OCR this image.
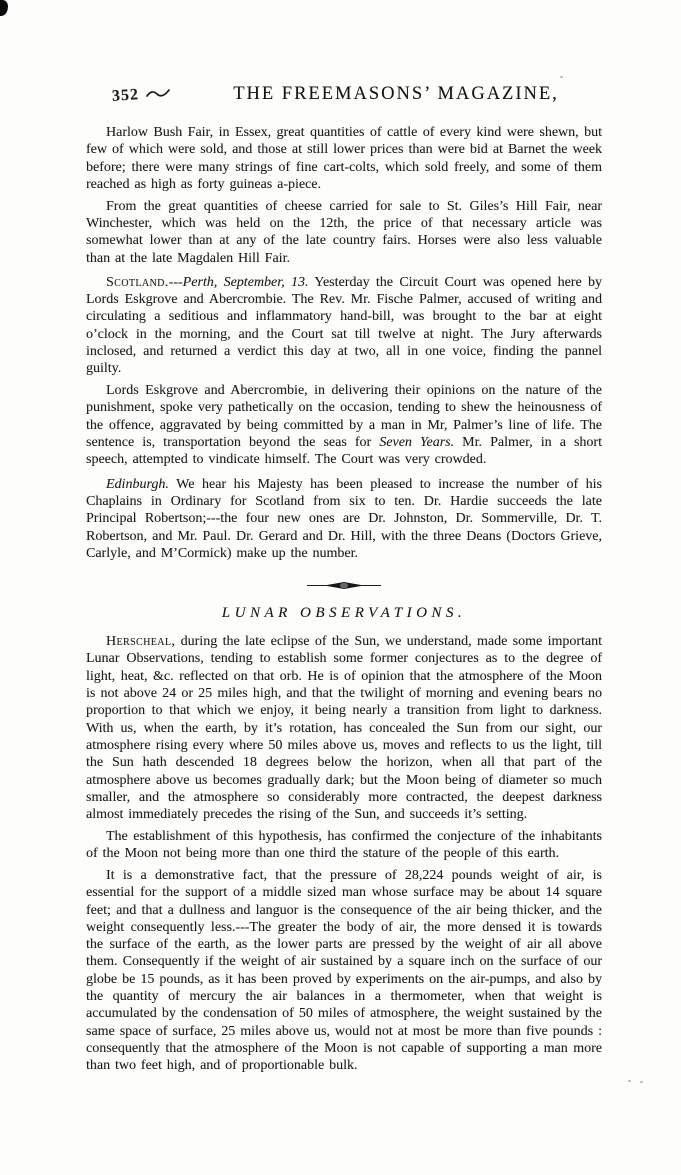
352	THE FREEMASONS’ MAGAZINE,

Harlow Bush Fair, in Essex, great quantities of cattle of every kind were shewn, but few of which were sold, and those at still lower prices than were bid at Barnet the week before; there were many strings of fine cart-colts, which sold freely, and some of them reached as high as forty guineas a-piece.

From the great quantities of cheese carried for sale to St. Giles’s Hill Fair, near Winchester, which was held on the 12th, the price of that necessary article was somewhat lower than at any of the late country fairs. Horses were also less valuable than at the late Magdalen Hill Fair.

Scotland.---Perth, September, 13. Yesterday the Circuit Court was opened here by Lords Eskgrove and Abercrombie. The Rev. Mr. Fische Palmer, accused of writing and circulating a seditious and inflammatory hand-bill, was brought to the bar at eight o’clock in the morning, and the Court sat till twelve at night. The Jury afterwards inclosed, and returned a verdict this day at two, all in one voice, finding the pannel guilty.

Lords Eskgrove and Abercrombie, in delivering their opinions on the nature of the punishment, spoke very pathetically on the occasion, tending to shew the heinousness of the offence, aggravated by being committed by a man in Mr, Palmer’s line of life. The sentence is, transportation beyond the seas for Seven Years. Mr. Palmer, in a short speech, attempted to vindicate himself. The Court was very crowded.

Edinburgh. We hear his Majesty has been pleased to increase the number of his Chaplains in Ordinary for Scotland from six to ten. Dr. Hardie succeeds the late Principal Robertson;---the four new ones are Dr. Johnston, Dr. Sommerville, Dr. T. Robertson, and Mr. Paul. Dr. Gerard and Dr. Hill, with the three Deans (Doctors Grieve, Carlyle, and M’Cormick) make up the number.

LUNAR OBSERVATIONS.

Herscheal, during the late eclipse of the Sun, we understand, made some important Lunar Observations, tending to establish some former conjectures as to the degree of light, heat, &c. reflected on that orb. He is of opinion that the atmosphere of the Moon is not above 24 or 25 miles high, and that the twilight of morning and evening bears no proportion to that which we enjoy, it being nearly a transition from light to darkness. With us, when the earth, by it’s rotation, has concealed the Sun from our sight, our atmosphere rising every where 50 miles above us, moves and reflects to us the light, till the Sun hath descended 18 degrees below the horizon, when all that part of the atmosphere above us becomes gradually dark; but the Moon being of diameter so much smaller, and the atmosphere so considerably more contracted, the deepest darkness almost immediately precedes the rising of the Sun, and succeeds it’s setting.

The establishment of this hypothesis, has confirmed the conjecture of the inhabitants of the Moon not being more than one third the stature of the people of this earth.

It is a demonstrative fact, that the pressure of 28,224 pounds weight of air, is essential for the support of a middle sized man whose surface may be about 14 square feet; and that a dullness and languor is the consequence of the air being thicker, and the weight consequently less.---The greater the body of air, the more densed it is towards the surface of the earth, as the lower parts are pressed by the weight of air all above them. Consequently if the weight of air sustained by a square inch on the surface of our globe be 15 pounds, as it has been proved by experiments on the air-pumps, and also by the quantity of mercury the air balances in a thermometer, when that weight is accumulated by the condensation of 50 miles of atmosphere, the weight sustained by the same space of surface, 25 miles above us, would not at most be more than five pounds : consequently that the atmosphere of the Moon is not capable of supporting a man more than two feet high, and of proportionable bulk.
